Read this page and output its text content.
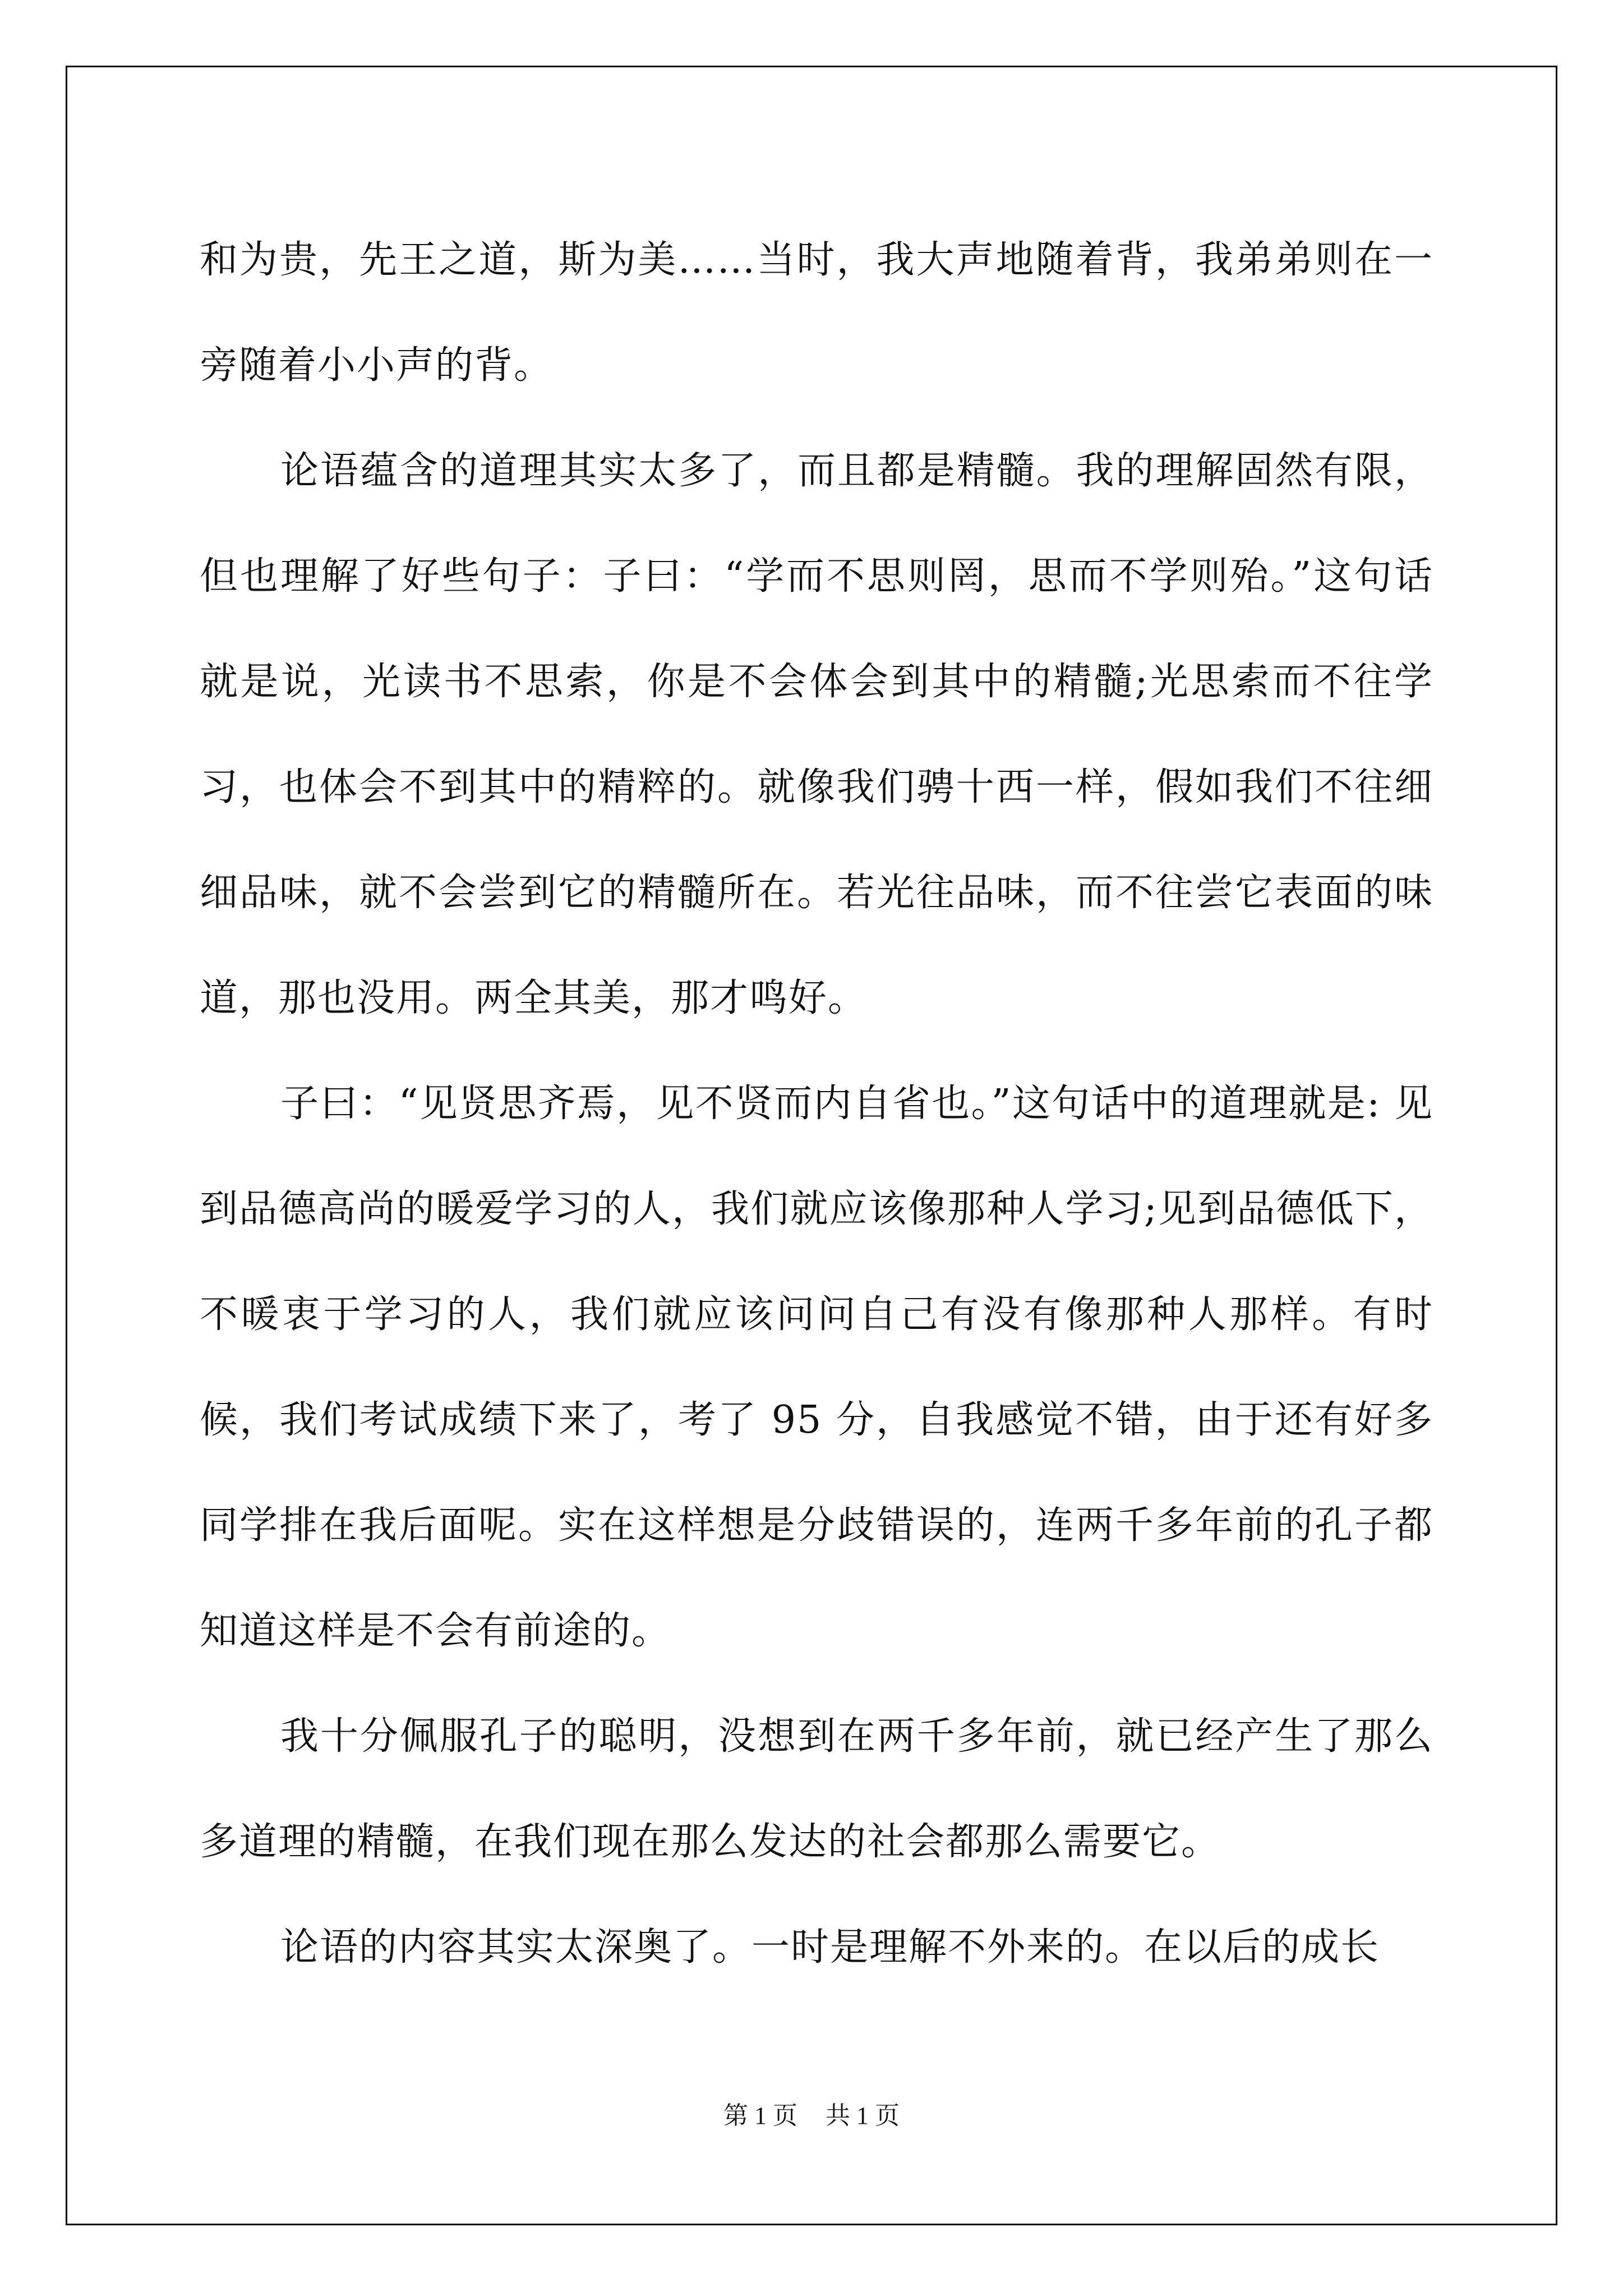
和为贵，先王之道，斯为美……当时，我大声地随着背，我弟弟则在一旁随着小小声的背。

论语蕴含的道理其实太多了，而且都是精髓。我的理解固然有限，但也理解了好些句子：子曰：“学而不思则罔，思而不学则殆。”这句话就是说，光读书不思索，你是不会体会到其中的精髓;光思索而不往学习，也体会不到其中的精粹的。就像我们骋十西一样，假如我们不往细细品味，就不会尝到它的精髓所在。若光往品味，而不往尝它表面的味道，那也没用。两全其美，那才鸣好。

子曰：“见贤思齐焉，见不贤而内自省也。”这句话中的道理就是: 见到品德高尚的暖爱学习的人，我们就应该像那种人学习;见到品德低下，不暖衷于学习的人，我们就应该问问自己有没有像那种人那样。有时候，我们考试成绩下来了，考了 95 分，自我感觉不错，由于还有好多同学排在我后面呢。实在这样想是分歧错误的，连两千多年前的孔子都知道这样是不会有前途的。

我十分佩服孔子的聪明，没想到在两千多年前，就已经产生了那么多道理的精髓，在我们现在那么发达的社会都那么需要它。

论语的内容其实太深奥了。一时是理解不外来的。在以后的成长

第 1 页 共 1 页
